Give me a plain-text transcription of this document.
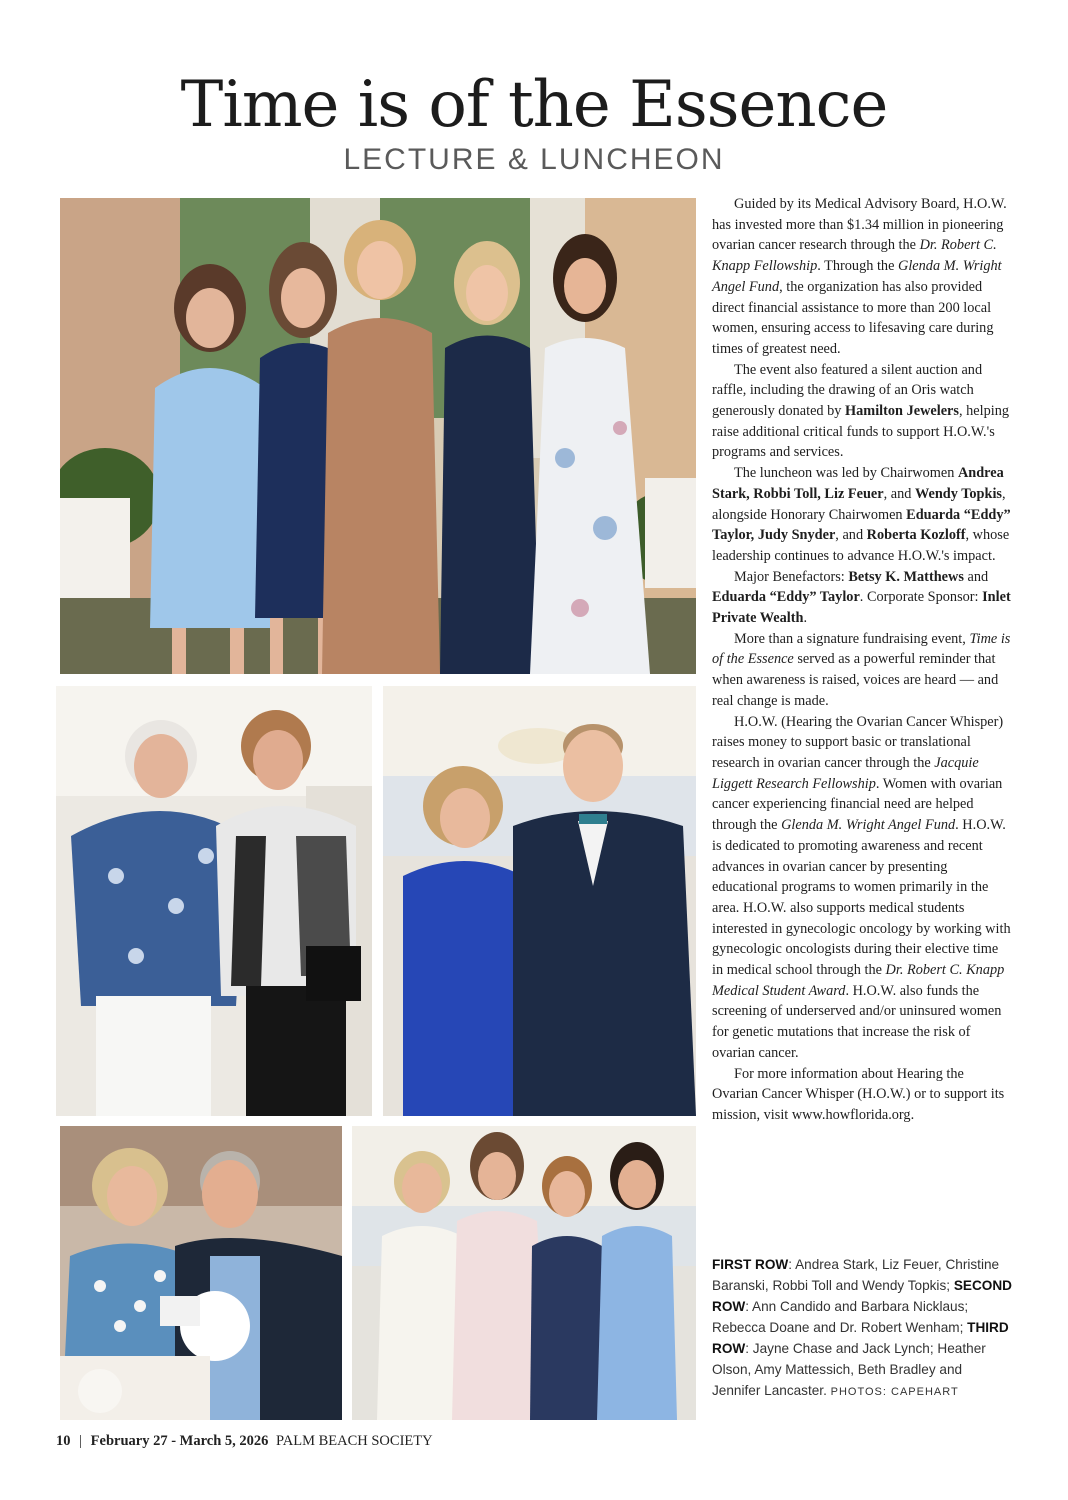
Time is of the Essence
LECTURE & LUNCHEON

Guided by its Medical Advisory Board, H.O.W. has invested more than $1.34 million in pioneering ovarian cancer research through the Dr. Robert C. Knapp Fellowship. Through the Glenda M. Wright Angel Fund, the organization has also provided direct financial assistance to more than 200 local women, ensuring access to lifesaving care during times of greatest need.

The event also featured a silent auction and raffle, including the drawing of an Oris watch generously donated by Hamilton Jewelers, helping raise additional critical funds to support H.O.W.'s programs and services.

The luncheon was led by Chairwomen Andrea Stark, Robbi Toll, Liz Feuer, and Wendy Topkis, alongside Honorary Chairwomen Eduarda “Eddy” Taylor, Judy Snyder, and Roberta Kozloff, whose leadership continues to advance H.O.W.'s impact.

Major Benefactors: Betsy K. Matthews and Eduarda “Eddy” Taylor. Corporate Sponsor: Inlet Private Wealth.

More than a signature fundraising event, Time is of the Essence served as a powerful reminder that when awareness is raised, voices are heard — and real change is made.

H.O.W. (Hearing the Ovarian Cancer Whisper) raises money to support basic or translational research in ovarian cancer through the Jacquie Liggett Research Fellowship. Women with ovarian cancer experiencing financial need are helped through the Glenda M. Wright Angel Fund. H.O.W. is dedicated to promoting awareness and recent advances in ovarian cancer by presenting educational programs to women primarily in the area. H.O.W. also supports medical students interested in gynecologic oncology by working with gynecologic oncologists during their elective time in medical school through the Dr. Robert C. Knapp Medical Student Award. H.O.W. also funds the screening of underserved and/or uninsured women for genetic mutations that increase the risk of ovarian cancer.

For more information about Hearing the Ovarian Cancer Whisper (H.O.W.) or to support its mission, visit www.howflorida.org.

FIRST ROW: Andrea Stark, Liz Feuer, Christine Baranski, Robbi Toll and Wendy Topkis; SECOND ROW: Ann Candido and Barbara Nicklaus; Rebecca Doane and Dr. Robert Wenham; THIRD ROW: Jayne Chase and Jack Lynch; Heather Olson, Amy Mattessich, Beth Bradley and Jennifer Lancaster. PHOTOS: CAPEHART
10 | February 27 - March 5, 2026 PALM BEACH SOCIETY
